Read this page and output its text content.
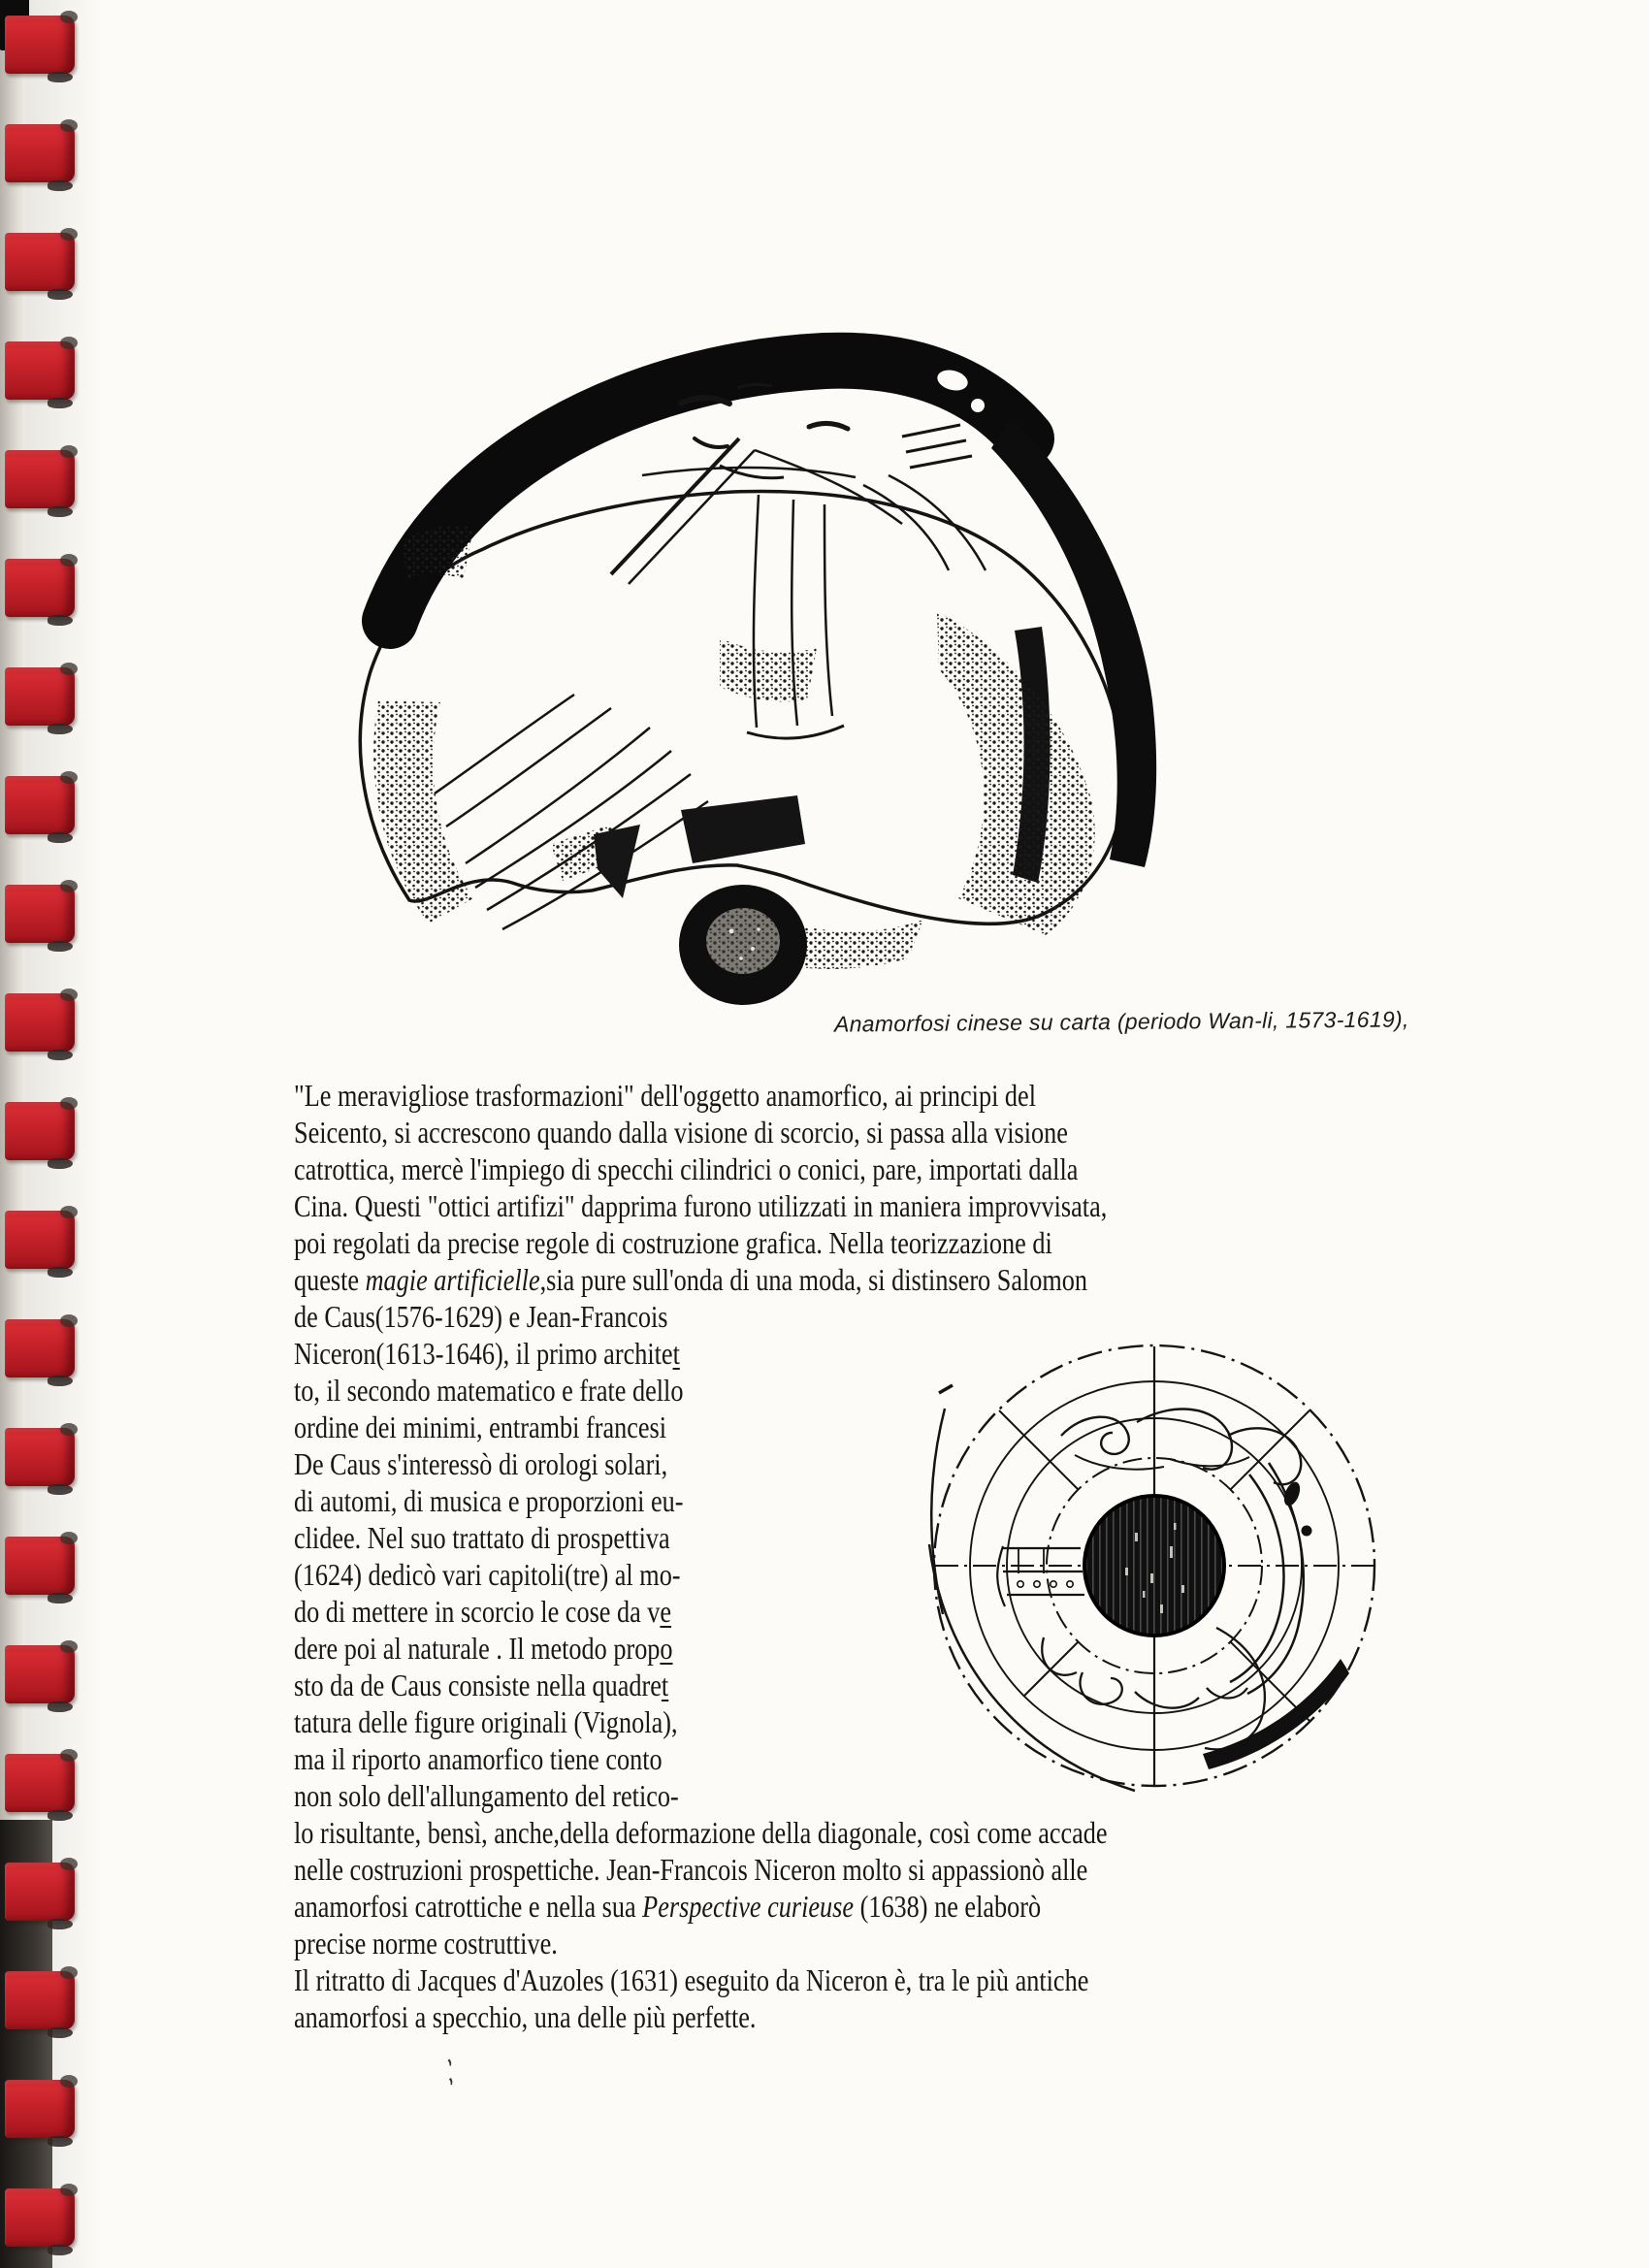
Anamorfosi cinese su carta (periodo Wan-li, 1573-1619),
"Le meravigliose trasformazioni" dell'oggetto anamorfico, ai principi del
Seicento, si accrescono quando dalla visione di scorcio, si passa alla visione
catrottica, mercè l'impiego di specchi cilindrici o conici, pare, importati dalla
Cina. Questi "ottici artifizi" dapprima furono utilizzati in maniera improvvisata,
poi regolati da precise regole di costruzione grafica. Nella teorizzazione di
queste magie artificielle,sia pure sull'onda di una moda, si distinsero Salomon
de Caus(1576-1629) e Jean-Francois
Niceron(1613-1646), il primo architet
to, il secondo matematico e frate dello
ordine dei minimi, entrambi francesi
De Caus s'interessò di orologi solari,
di automi, di musica e proporzioni eu-
clidee. Nel suo trattato di prospettiva
(1624) dedicò vari capitoli(tre) al mo-
do di mettere in scorcio le cose da ve
dere poi al naturale . Il metodo propo
sto da de Caus consiste nella quadret
tatura delle figure originali (Vignola),
ma il riporto anamorfico tiene conto
non solo dell'allungamento del retico-
lo risultante, bensì, anche,della deformazione della diagonale, così come accade
nelle costruzioni prospettiche. Jean-Francois Niceron molto si appassionò alle
anamorfosi catrottiche e nella sua Perspective curieuse (1638) ne elaborò
precise norme costruttive.
Il ritratto di Jacques d'Auzoles (1631) eseguito da Niceron è, tra le più antiche
anamorfosi a specchio, una delle più perfette.
,’
